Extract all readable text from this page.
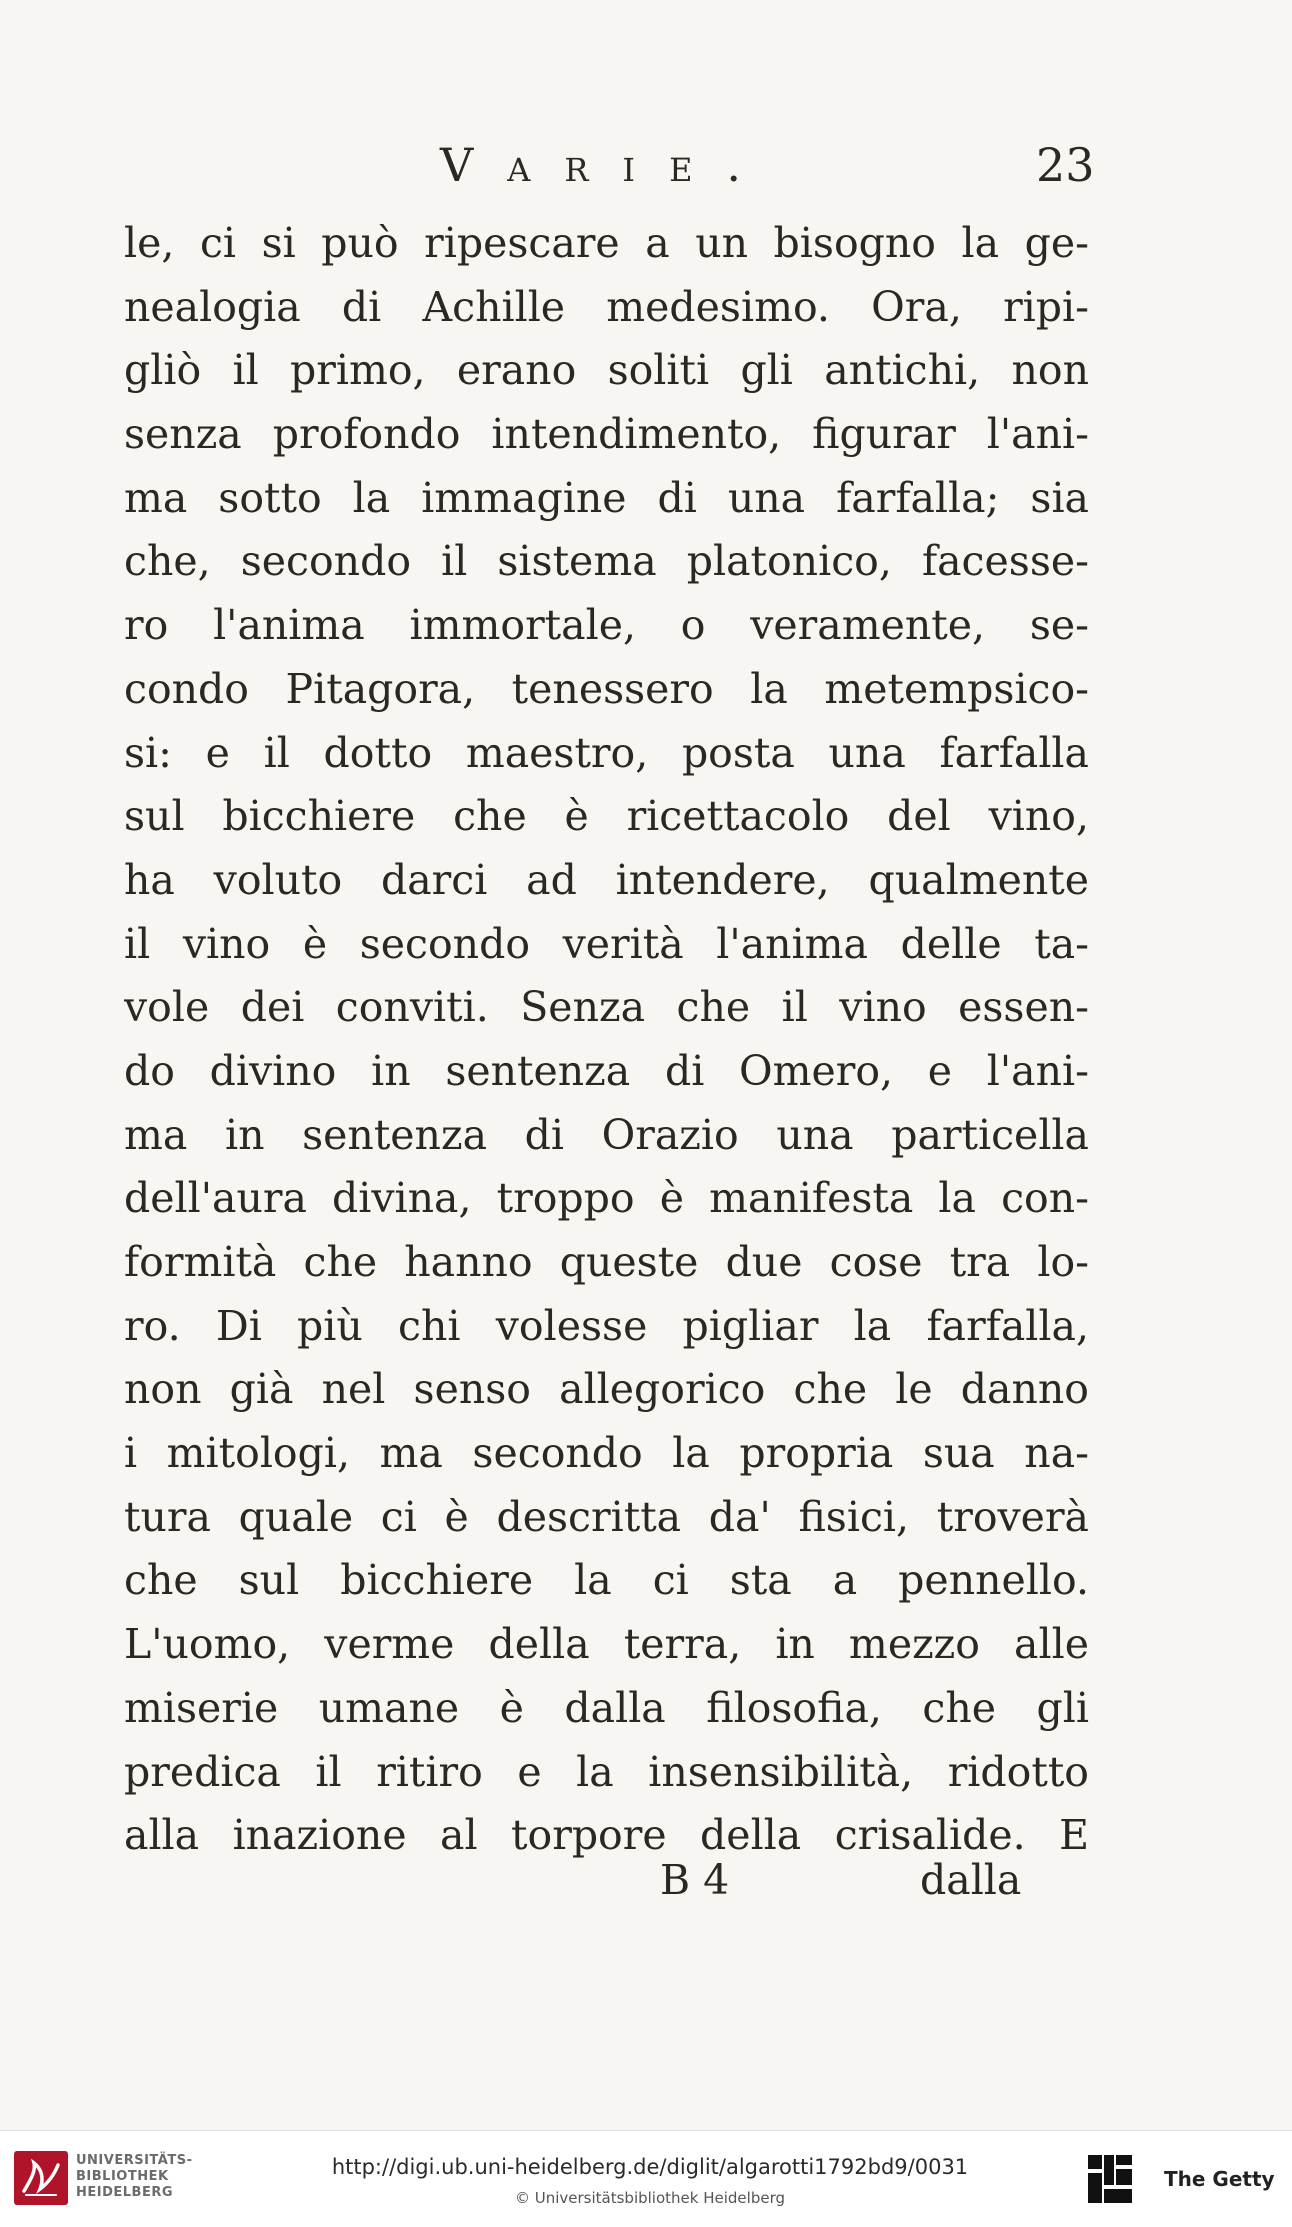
Varie.	23
le, ci si può ripescare a un bisogno la ge-
nealogia di Achille medesimo. Ora, ripi-
gliò il primo, erano soliti gli antichi, non
senza profondo intendimento, figurar l'ani-
ma sotto la immagine di una farfalla; sia
che, secondo il sistema platonico, facesse-
ro l'anima immortale, o veramente, se-
condo Pitagora, tenessero la metempsico-
si: e il dotto maestro, posta una farfalla
sul bicchiere che è ricettacolo del vino,
ha voluto darci ad intendere, qualmente
il vino è secondo verità l'anima delle ta-
vole dei conviti. Senza che il vino essen-
do divino in sentenza di Omero, e l'ani-
ma in sentenza di Orazio una particella
dell'aura divina, troppo è manifesta la con-
formità che hanno queste due cose tra lo-
ro. Di più chi volesse pigliar la farfalla,
non già nel senso allegorico che le danno
i mitologi, ma secondo la propria sua na-
tura quale ci è descritta da' fisici, troverà
che sul bicchiere la ci sta a pennello.
L'uomo, verme della terra, in mezzo alle
miserie umane è dalla filosofia, che gli
predica il ritiro e la insensibilità, ridotto
alla inazione al torpore della crisalide. E
B 4	dalla
UNIVERSITÄTS-
BIBLIOTHEK
HEIDELBERG
http://digi.ub.uni-heidelberg.de/diglit/algarotti1792bd9/0031
© Universitätsbibliothek Heidelberg
The Getty
